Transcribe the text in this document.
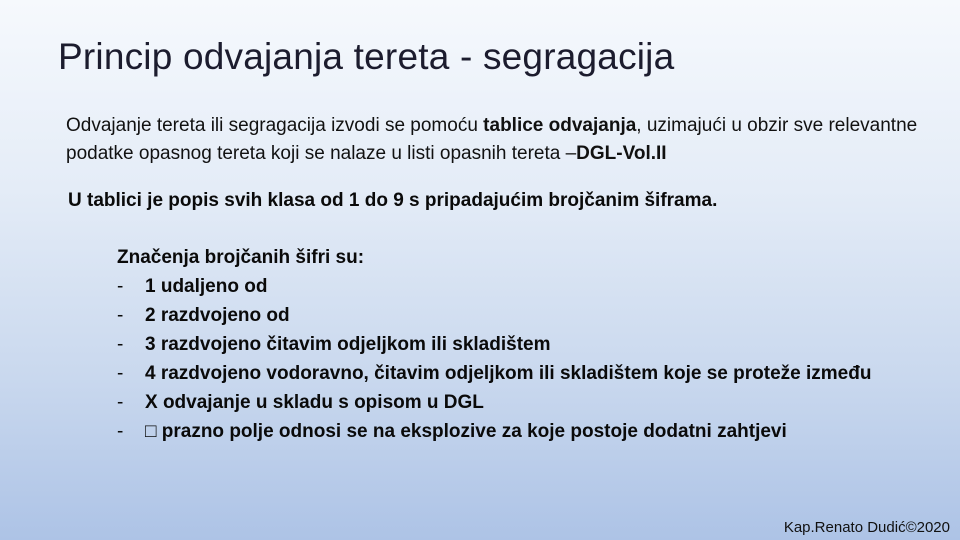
Princip odvajanja tereta - segragacija
Odvajanje tereta ili segragacija izvodi se pomoću tablice odvajanja, uzimajući u obzir sve relevantne podatke opasnog tereta koji se nalaze u listi opasnih tereta –DGL-Vol.II
U tablici je popis svih klasa od 1 do 9 s pripadajućim brojčanim šiframa.
Značenja brojčanih šifri su:
-	1 udaljeno od
-	2 razdvojeno od
-	3 razdvojeno čitavim odjeljkom ili skladištem
-	4 razdvojeno vodoravno, čitavim odjeljkom ili skladištem koje se proteže između
-	X odvajanje u skladu s opisom u DGL
-	□ prazno polje odnosi se na eksplozive za koje postoje dodatni zahtjevi
Kap.Renato Dudić©2020
